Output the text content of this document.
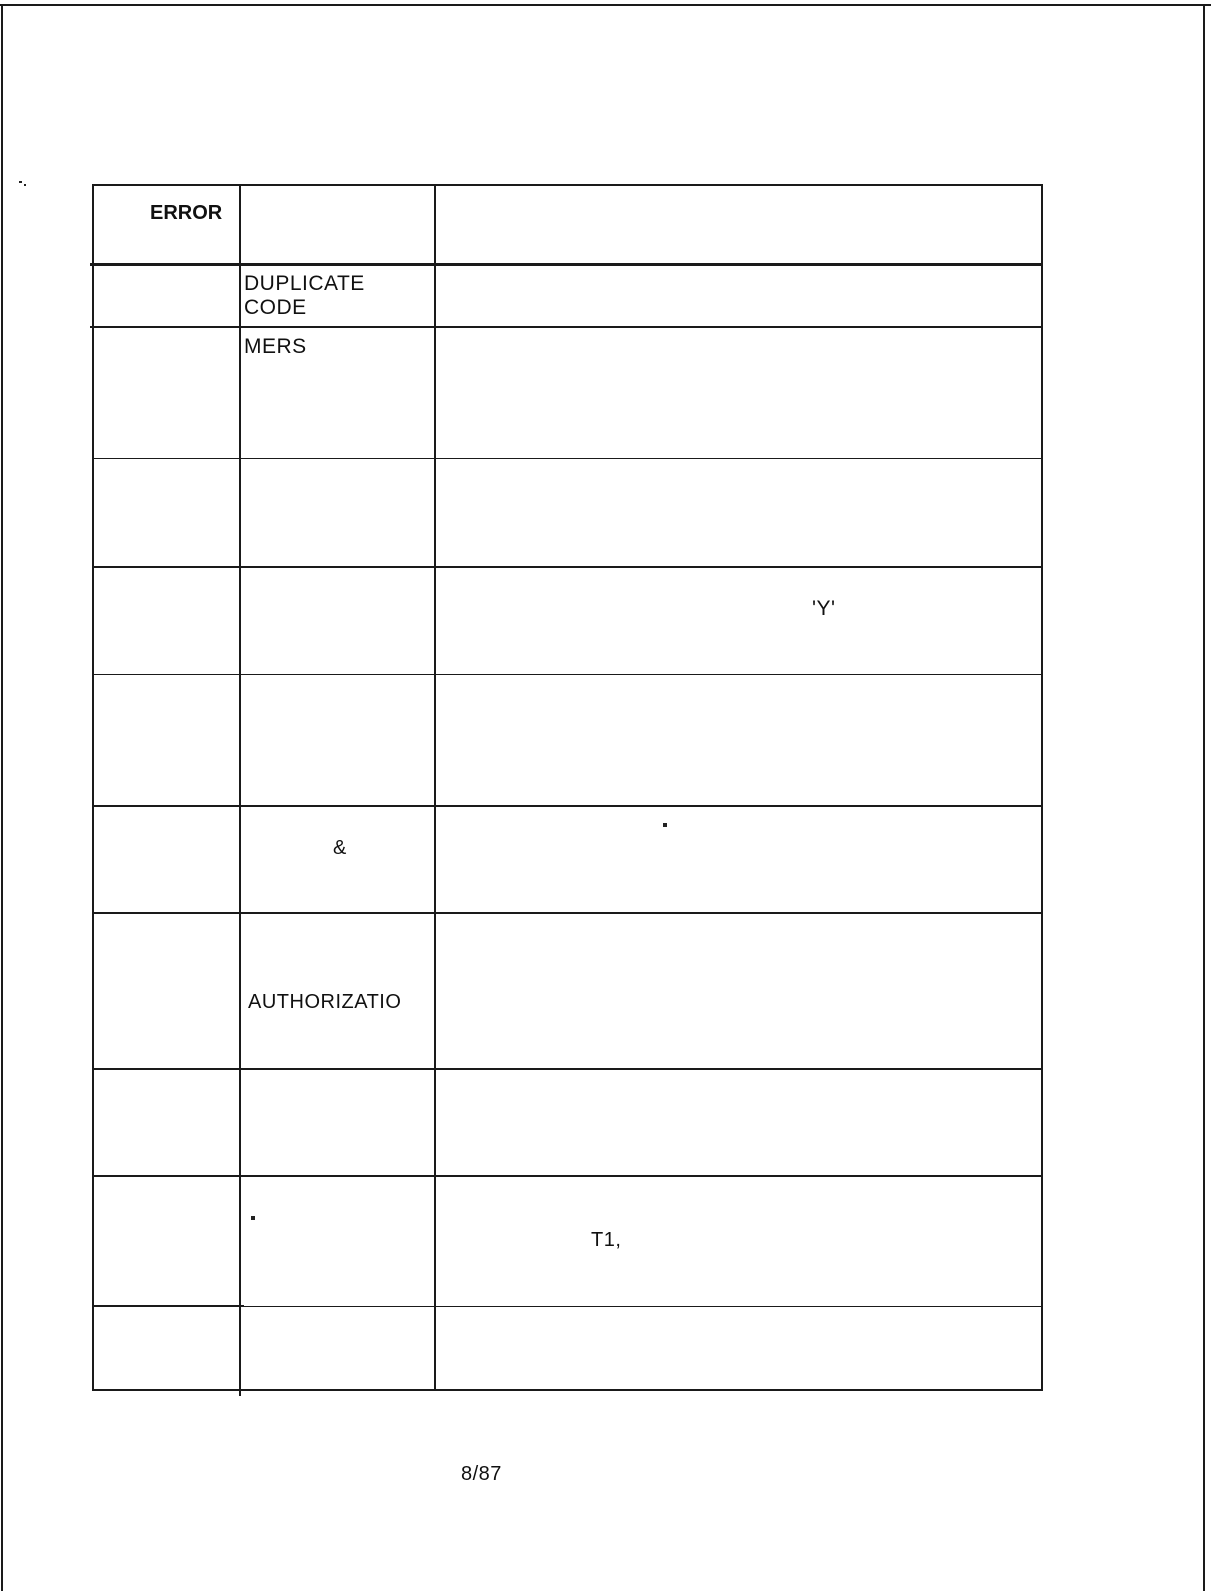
ERROR
DUPLICATE
CODE
MERS
'Y'
&
AUTHORIZATIO
T1,
8/87
